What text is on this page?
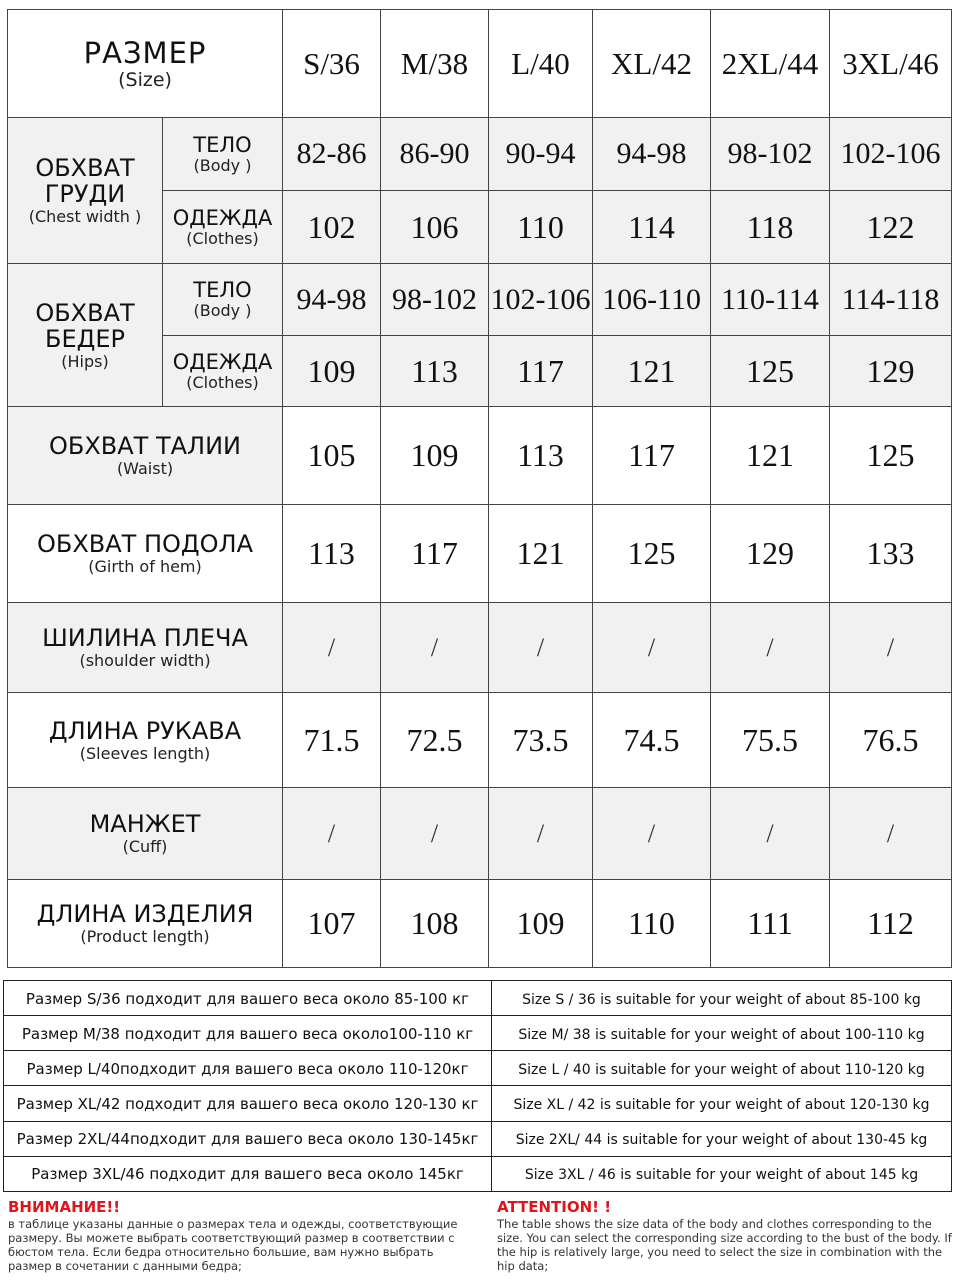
РАЗМЕР
(Size)		S/36	M/38	L/40	XL/42	2XL/44	3XL/46

ОБХВАТ
ГРУДИ
(Chest width )	ТЕЛО
(Body )	82-86	86-90	90-94	94-98	98-102	102-106

	ОДЕЖДА
(Clothes)	102	106	110	114	118	122

ОБХВАТ
БЕДЕР
(Hips)	ТЕЛО
(Body )	94-98	98-102	102-106	106-110	110-114	114-118

	ОДЕЖДА
(Clothes)	109	113	117	121	125	129

ОБХВАТ ТАЛИИ
(Waist)		105	109	113	117	121	125

ОБХВАТ ПОДОЛА
(Girth of hem)		113	117	121	125	129	133

ШИЛИНА ПЛЕЧА
(shoulder width)		/	/	/	/	/	/

ДЛИНА РУКАВА
(Sleeves length)		71.5	72.5	73.5	74.5	75.5	76.5

МАНЖЕТ
(Cuff)		/	/	/	/	/	/

ДЛИНА ИЗДЕЛИЯ
(Product length)		107	108	109	110	111	112
Размер S/36 подходит для вашего веса около 85-100 кг	Size S / 36 is suitable for your weight of about 85-100 kg
Размер M/38 подходит для вашего веса около100-110 кг	Size M/ 38 is suitable for your weight of about 100-110 kg
Размер L/40подходит для вашего веса около 110-120кг	Size L / 40 is suitable for your weight of about 110-120 kg
Размер XL/42 подходит для вашего веса около 120-130 кг	Size XL / 42 is suitable for your weight of about 120-130 kg
Размер 2XL/44подходит для вашего веса около 130-145кг	Size 2XL/ 44 is suitable for your weight of about 130-45 kg
Размер 3XL/46 подходит для вашего веса около 145кг	Size 3XL / 46 is suitable for your weight of about 145 kg
ВНИМАНИЕ!!
в таблице указаны данные о размерах тела и одежды, соответствующие размеру. Вы можете выбрать соответствующий размер в соответствии с бюстом тела. Если бедра относительно большие, вам нужно выбрать размер в сочетании с данными бедра;
ATTENTION! !
The table shows the size data of the body and clothes corresponding to the size. You can select the corresponding size according to the bust of the body. If the hip is relatively large, you need to select the size in combination with the hip data;
